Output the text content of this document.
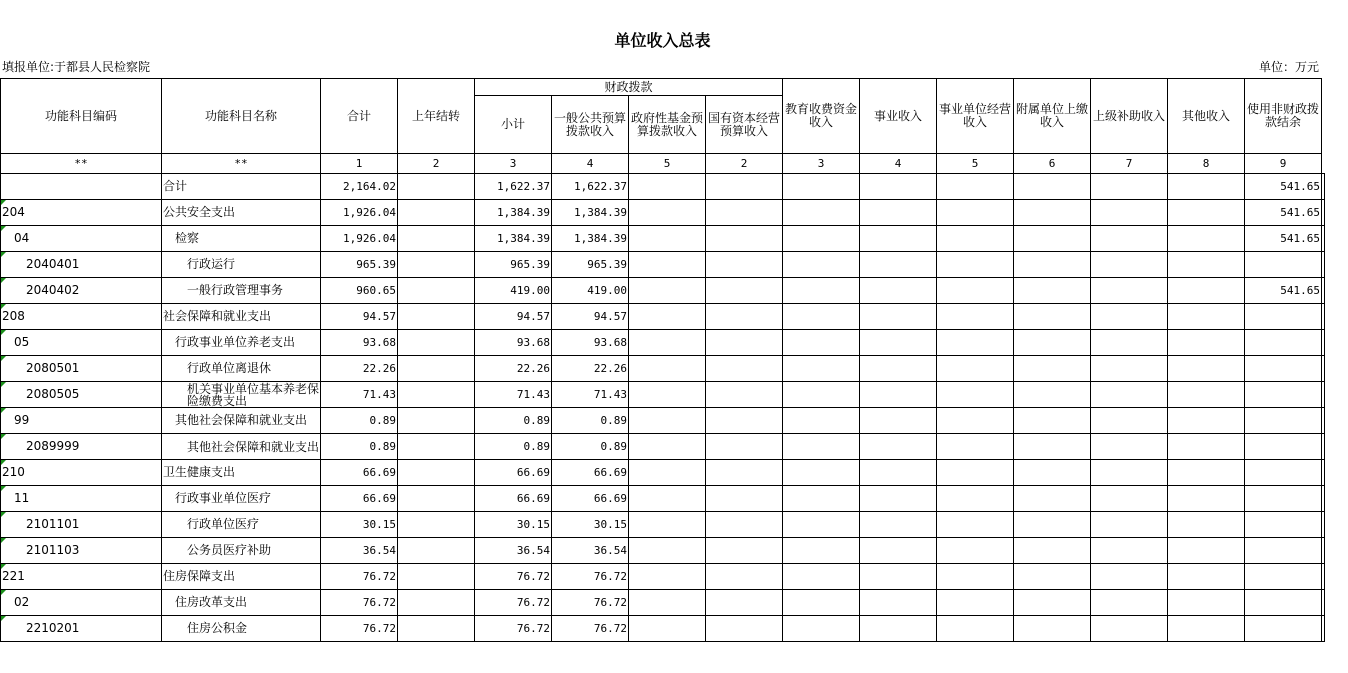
单位收入总表
填报单位:于都县人民检察院	单位：万元
功能科目编码	功能科目名称	合计	上年结转	财政拨款				教育收费资金收入	事业收入	事业单位经营收入	附属单位上缴收入	上级补助收入	其他收入	使用非财政拨款结余	
				小计	一般公共预算拨款收入	政府性基金预算拨款收入	国有资本经营预算收入								
**	**	1	2	3	4	5	2	3	4	5	6	7	8	9	
	合计	2,164.02		1,622.37	1,622.37									541.65	

204	公共安全支出	1,926.04		1,384.39	1,384.39									541.65	

04	检察	1,926.04		1,384.39	1,384.39									541.65	

2040401	行政运行	965.39		965.39	965.39										

2040402	一般行政管理事务	960.65		419.00	419.00									541.65	

208	社会保障和就业支出	94.57		94.57	94.57										

05	行政事业单位养老支出	93.68		93.68	93.68										

2080501	行政单位离退休	22.26		22.26	22.26										

2080505	机关事业单位基本养老保险缴费支出	71.43		71.43	71.43										

99	其他社会保障和就业支出	0.89		0.89	0.89										

2089999	其他社会保障和就业支出	0.89		0.89	0.89										

210	卫生健康支出	66.69		66.69	66.69										

11	行政事业单位医疗	66.69		66.69	66.69										

2101101	行政单位医疗	30.15		30.15	30.15										

2101103	公务员医疗补助	36.54		36.54	36.54										

221	住房保障支出	76.72		76.72	76.72										

02	住房改革支出	76.72		76.72	76.72										

2210201	住房公积金	76.72		76.72	76.72										
